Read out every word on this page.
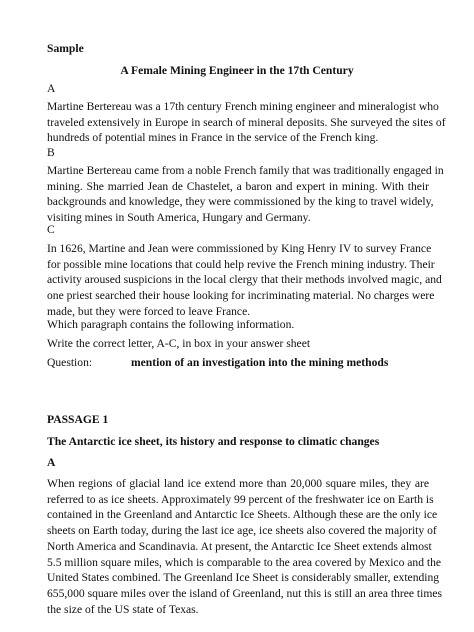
Sample
A Female Mining Engineer in the 17th Century
A
Martine Bertereau was a 17th century French mining engineer and mineralogist who
traveled extensively in Europe in search of mineral deposits. She surveyed the sites of
hundreds of potential mines in France in the service of the French king.
B
Martine Bertereau came from a noble French family that was traditionally engaged in
mining. She married Jean de Chastelet, a baron and expert in mining. With their
backgrounds and knowledge, they were commissioned by the king to travel widely,
visiting mines in South America, Hungary and Germany.
C
In 1626, Martine and Jean were commissioned by King Henry IV to survey France
for possible mine locations that could help revive the French mining industry. Their
activity aroused suspicions in the local clergy that their methods involved magic, and
one priest searched their house looking for incriminating material. No charges were
made, but they were forced to leave France.
Which paragraph contains the following information.
Write the correct letter, A-C, in box in your answer sheet
Question:	mention of an investigation into the mining methods
PASSAGE 1
The Antarctic ice sheet, its history and response to climatic changes
A
When regions of glacial land ice extend more than 20,000 square miles, they are
referred to as ice sheets. Approximately 99 percent of the freshwater ice on Earth is
contained in the Greenland and Antarctic Ice Sheets. Although these are the only ice
sheets on Earth today, during the last ice age, ice sheets also covered the majority of
North America and Scandinavia. At present, the Antarctic Ice Sheet extends almost
5.5 million square miles, which is comparable to the area covered by Mexico and the
United States combined. The Greenland Ice Sheet is considerably smaller, extending
655,000 square miles over the island of Greenland, nut this is still an area three times
the size of the US state of Texas.
